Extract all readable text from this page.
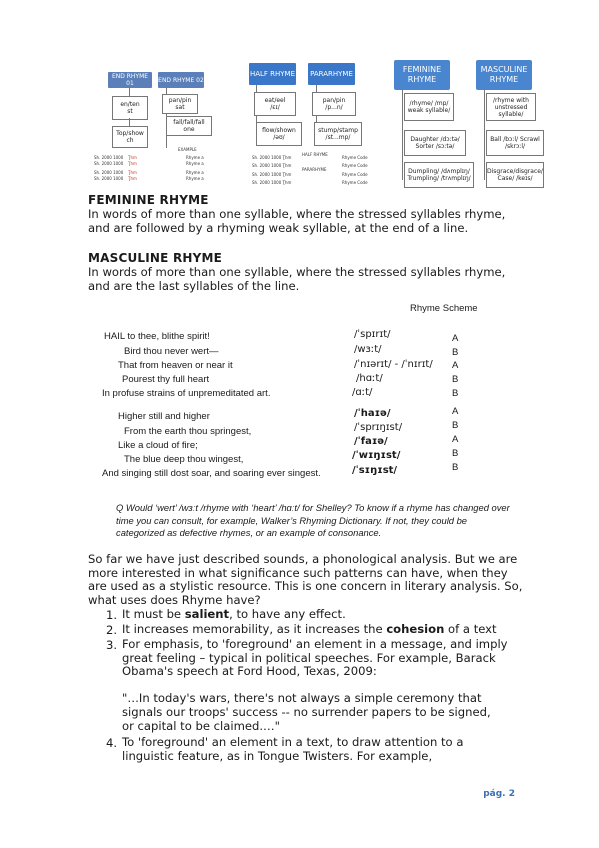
END RHYME 01
en/ten
st
Top/show
ch
END RHYME 02
pan/pin
sat
fall/fall/fall
one
EXAMPLE
Sh. 2000 1000 Ʈhm
Sh. 2000 1000 Ʈhm
Sh. 2000 1000 Ʈhm
Sh. 2000 1000 Ʈhm
Rhyme a
Rhyme a
Rhyme a
Rhyme a
HALF RHYME
eat/eel
/ɛɪ/
flow/shown
/əʊ/
HALF RHYME
PARARHYME
pan/pin
/p...n/
stump/stamp
/st...mp/
PARARHYME
Sh. 2000 1000 Ʈhm
Sh. 2000 1000 Ʈhm
Sh. 2000 1000 Ʈhm
Sh. 2000 1000 Ʈhm
Rhyme Code
Rhyme Code
Rhyme Code
Rhyme Code
FEMININE RHYME
/rhyme/ /mp/ weak syllable/
Daughter /dɔːtə/ Sorter /sɔːtə/
Dumpling/ /dʌmplɪŋ/ Trumpling/ /trʌmplɪŋ/
MASCULINE RHYME
/rhyme with unstressed syllable/
Ball /bɔːl/ Scrawl /skrɔːl/
Disgrace/disgrace/ Case/ /keɪs/
FEMININE RHYME
In words of more than one syllable, where the stressed syllables rhyme, and are followed by a rhyming weak syllable, at the end of a line.
MASCULINE RHYME
In words of more than one syllable, where the stressed syllables rhyme, and are the last syllables of the line.
Rhyme Scheme
HAIL to thee, blithe spirit!
Bird thou never wert—
That from heaven or near it
Pourest thy full heart
In profuse strains of unpremeditated art.
/ˈspɪrɪt/
/wɜːt/
/ˈnɪərɪt/ - /ˈnɪrɪt/
/hɑːt/
/ɑːt/
A
B
A
B
B
Higher still and higher
From the earth thou springest,
Like a cloud of fire;
The blue deep thou wingest,
And singing still dost soar, and soaring ever singest.
/ˈhaɪə/
/ˈsprɪŋɪst/
/ˈfaɪə/
/ˈwɪŋɪst/
/ˈsɪŋɪst/
A
B
A
B
B
Q Would ‘wert’ /wɜːt /rhyme with ‘heart’ /hɑːt/ for Shelley? To know if a rhyme has changed over time you can consult, for example, Walker’s Rhyming Dictionary. If not, they could be categorized as defective rhymes, or an example of consonance.
So far we have just described sounds, a phonological analysis. But we are more interested in what significance such patterns can have, when they are used as a stylistic resource. This is one concern in literary analysis. So, what uses does Rhyme have?
1. It must be salient, to have any effect.
2. It increases memorability, as it increases the cohesion of a text
3. For emphasis, to 'foreground' an element in a message, and imply great feeling – typical in political speeches. For example, Barack Obama's speech at Ford Hood, Texas, 2009:
"…In today's wars, there's not always a simple ceremony that
signals our troops' success -- no surrender papers to be signed,
or capital to be claimed.…"
4. To 'foreground' an element in a text, to draw attention to a linguistic feature, as in Tongue Twisters. For example,
pág. 2
